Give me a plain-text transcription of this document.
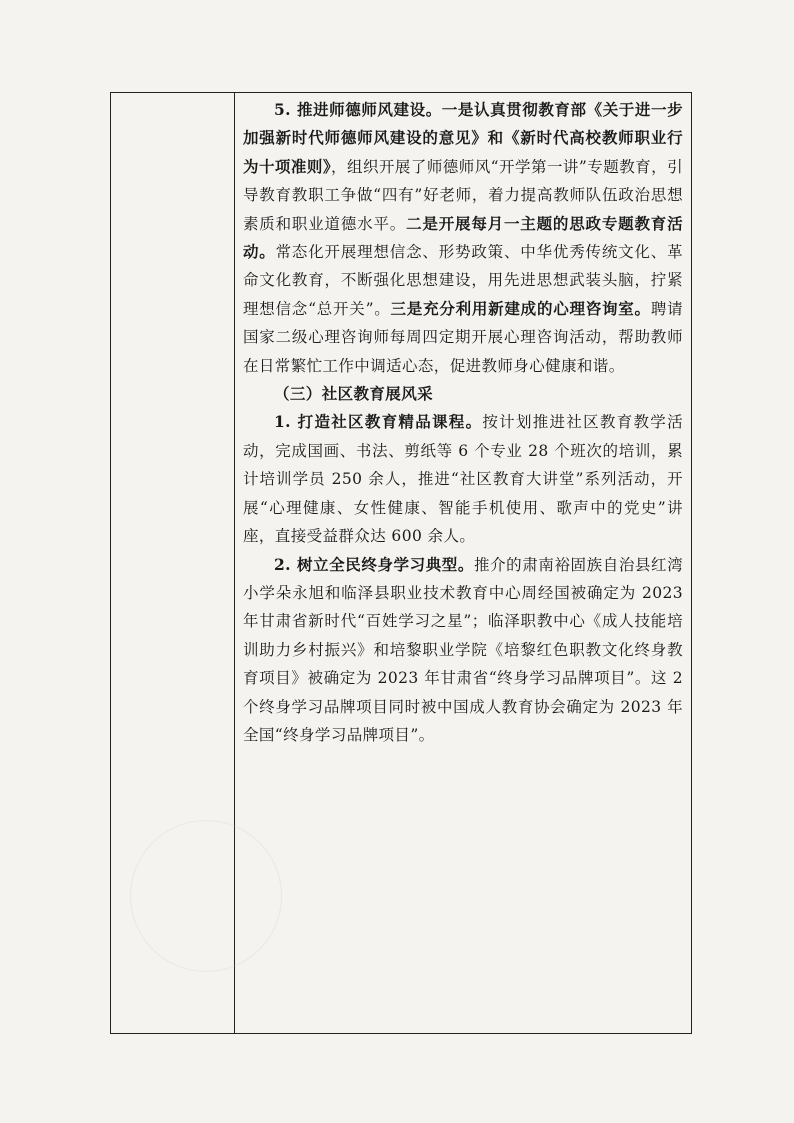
5. 推进师德师风建设。一是认真贯彻教育部《关于进一步加强新时代师德师风建设的意见》和《新时代高校教师职业行为十项准则》，组织开展了师德师风“开学第一讲”专题教育，引导教育教职工争做“四有”好老师，着力提高教师队伍政治思想素质和职业道德水平。二是开展每月一主题的思政专题教育活动。常态化开展理想信念、形势政策、中华优秀传统文化、革命文化教育，不断强化思想建设，用先进思想武装头脑，拧紧理想信念“总开关”。三是充分利用新建成的心理咨询室。聘请国家二级心理咨询师每周四定期开展心理咨询活动，帮助教师在日常繁忙工作中调适心态，促进教师身心健康和谐。

（三）社区教育展风采

1. 打造社区教育精品课程。按计划推进社区教育教学活动，完成国画、书法、剪纸等 6 个专业 28 个班次的培训，累计培训学员 250 余人，推进“社区教育大讲堂”系列活动，开展“心理健康、女性健康、智能手机使用、歌声中的党史”讲座，直接受益群众达 600 余人。

2. 树立全民终身学习典型。推介的肃南裕固族自治县红湾小学朵永旭和临泽县职业技术教育中心周经国被确定为 2023 年甘肃省新时代“百姓学习之星”；临泽职教中心《成人技能培训助力乡村振兴》和培黎职业学院《培黎红色职教文化终身教育项目》被确定为 2023 年甘肃省“终身学习品牌项目”。这 2 个终身学习品牌项目同时被中国成人教育协会确定为 2023 年全国“终身学习品牌项目”。
